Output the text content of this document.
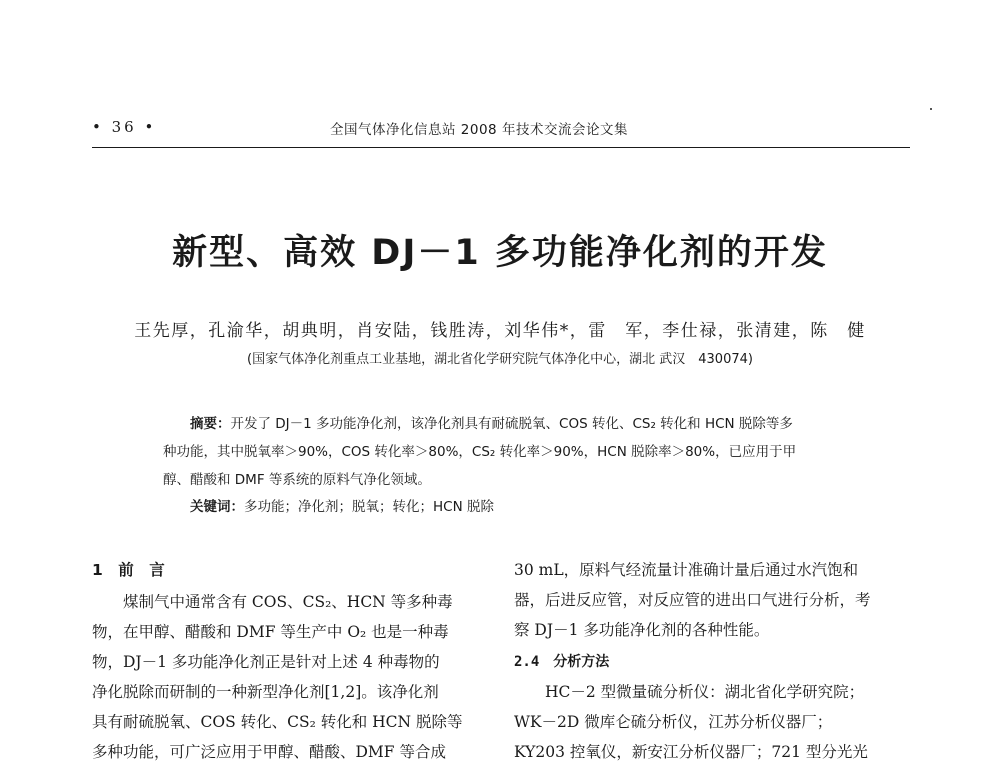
• 36 •	全国气体净化信息站 2008 年技术交流会论文集
新型、高效 DJ－1 多功能净化剂的开发
王先厚，孔渝华，胡典明，肖安陆，钱胜涛，刘华伟*，雷　军，李仕禄，张清建，陈　健
(国家气体净化剂重点工业基地，湖北省化学研究院气体净化中心，湖北 武汉　430074)
摘要：开发了 DJ－1 多功能净化剂，该净化剂具有耐硫脱氧、COS 转化、CS₂ 转化和 HCN 脱除等多
种功能，其中脱氧率＞90%，COS 转化率＞80%，CS₂ 转化率＞90%，HCN 脱除率＞80%，已应用于甲
醇、醋酸和 DMF 等系统的原料气净化领域。
关键词：多功能；净化剂；脱氧；转化；HCN 脱除
1　前　言
　　煤制气中通常含有 COS、CS₂、HCN 等多种毒
物，在甲醇、醋酸和 DMF 等生产中 O₂ 也是一种毒
物，DJ－1 多功能净化剂正是针对上述 4 种毒物的
净化脱除而研制的一种新型净化剂[1,2]。该净化剂
具有耐硫脱氧、COS 转化、CS₂ 转化和 HCN 脱除等
多种功能，可广泛应用于甲醇、醋酸、DMF 等合成
30 mL，原料气经流量计准确计量后通过水汽饱和
器，后进反应管，对反应管的进出口气进行分析，考
察 DJ－1 多功能净化剂的各种性能。
2.4　分析方法
　　HC－2 型微量硫分析仪：湖北省化学研究院；
WK－2D 微库仑硫分析仪，江苏分析仪器厂；
KY203 控氧仪，新安江分析仪器厂；721 型分光光
